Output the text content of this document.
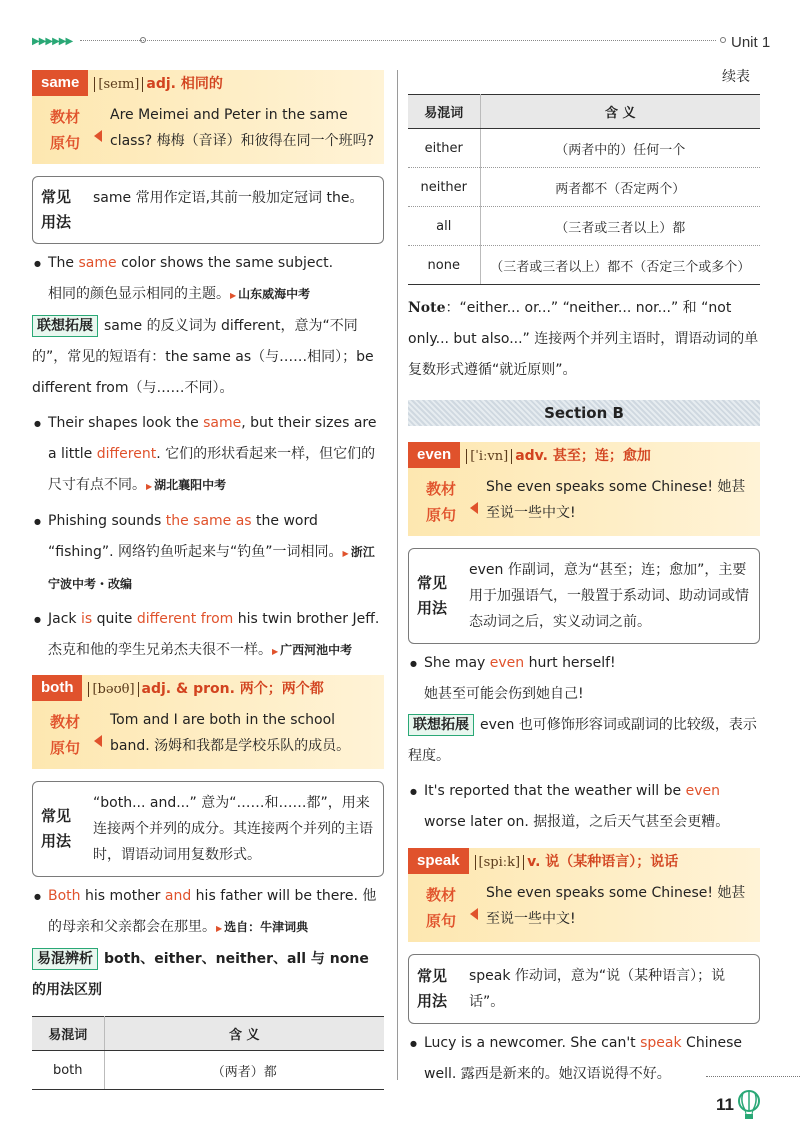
▶▶▶▶▶▶	Unit 1
same	[seɪm] adj. 相同的
教材
原句
Are Meimei and Peter in the same class? 梅梅（音译）和彼得在同一个班吗?
常见
用法
same 常用作定语,其前一般加定冠词 the。
● The same color shows the same subject.
相同的颜色显示相同的主题。 ▶ 山东威海中考
联想拓展 same 的反义词为 different，意为“不同的”，常见的短语有：the same as（与……相同）；be different from（与……不同）。
● Their shapes look the same, but their sizes are a little different. 它们的形状看起来一样，但它们的尺寸有点不同。 ▶ 湖北襄阳中考
● Phishing sounds the same as the word “fishing”. 网络钓鱼听起来与“钓鱼”一词相同。 ▶ 浙江宁波中考・改编
● Jack is quite different from his twin brother Jeff. 杰克和他的孪生兄弟杰夫很不一样。 ▶ 广西河池中考
both	[bəʊθ] adj. & pron. 两个；两个都
教材
原句
Tom and I are both in the school band. 汤姆和我都是学校乐队的成员。
常见
用法
“both... and...” 意为“……和……都”，用来连接两个并列的成分。其连接两个并列的主语时，谓语动词用复数形式。
● Both his mother and his father will be there. 他的母亲和父亲都会在那里。 ▶ 选自：牛津词典
易混辨析 both、either、neither、all 与 none 的用法区别
易混词	含 义
both	（两者）都
续表
易混词	含 义
either	（两者中的）任何一个
neither	两者都不（否定两个）
all	（三者或三者以上）都
none	（三者或三者以上）都不（否定三个或多个）
Note：“either... or...” “neither... nor...” 和 “not only... but also...” 连接两个并列主语时，谓语动词的单复数形式遵循“就近原则”。
Section B
even	[ˈiːvn] adv. 甚至；连；愈加
教材
原句
She even speaks some Chinese! 她甚至说一些中文!
常见
用法
even 作副词，意为“甚至；连；愈加”，主要用于加强语气，一般置于系动词、助动词或情态动词之后，实义动词之前。
● She may even hurt herself!
她甚至可能会伤到她自己!
联想拓展 even 也可修饰形容词或副词的比较级，表示程度。
● It's reported that the weather will be even worse later on. 据报道，之后天气甚至会更糟。
speak	[spiːk] v. 说（某种语言）；说话
教材
原句
She even speaks some Chinese! 她甚至说一些中文!
常见
用法
speak 作动词，意为“说（某种语言）；说话”。
● Lucy is a newcomer. She can't speak Chinese well. 露西是新来的。她汉语说得不好。
11
